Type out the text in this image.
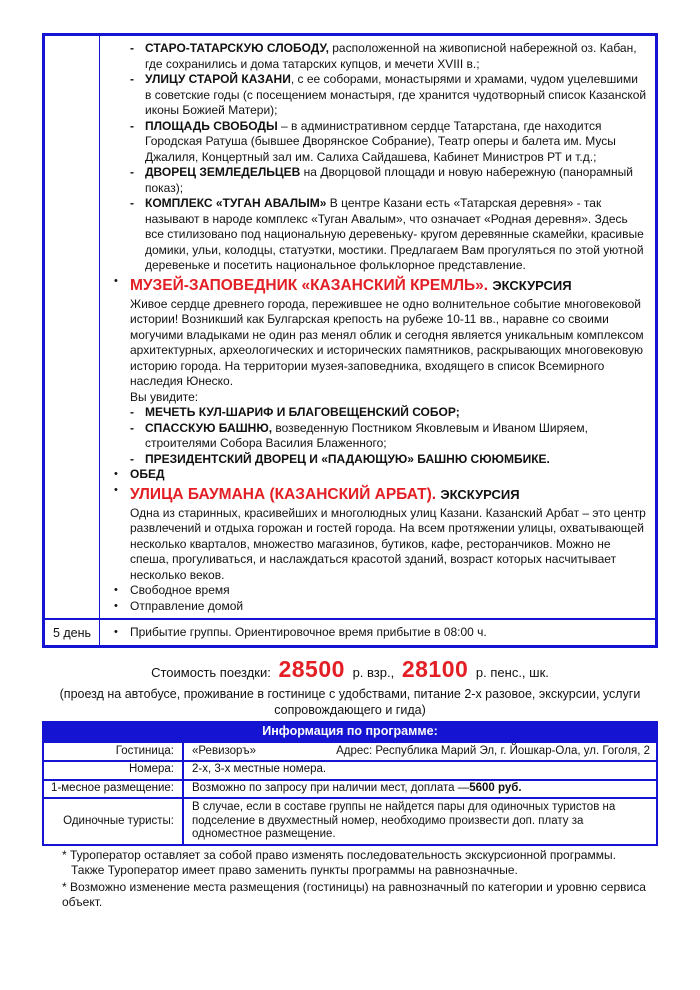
- СТАРО-ТАТАРСКУЮ СЛОБОДУ, расположенной на живописной набережной оз. Кабан, где сохранились и дома татарских купцов, и мечети XVIII в.;
- УЛИЦУ СТАРОЙ КАЗАНИ, с ее соборами, монастырями и храмами, чудом уцелевшими в советские годы (с посещением монастыря, где хранится чудотворный список Казанской иконы Божией Матери);
- ПЛОЩАДЬ СВОБОДЫ – в административном сердце Татарстана, где находится Городская Ратуша (бывшее Дворянское Собрание), Театр оперы и балета им. Мусы Джалиля, Концертный зал им. Салиха Сайдашева, Кабинет Министров РТ и т.д.;
- ДВОРЕЦ ЗЕМЛЕДЕЛЬЦЕВ на Дворцовой площади и новую набережную (панорамный показ);
- КОМПЛЕКС «ТУГАН АВАЛЫМ» В центре Казани есть «Татарская деревня» - так называют в народе комплекс «Туган Авалым», что означает «Родная деревня». Здесь все стилизовано под национальную деревеньку- кругом деревянные скамейки, красивые домики, ульи, колодцы, статуэтки, мостики. Предлагаем Вам прогуляться по этой уютной деревеньке и посетить национальное фольклорное представление.
• МУЗЕЙ-ЗАПОВЕДНИК «КАЗАНСКИЙ КРЕМЛЬ». ЭКСКУРСИЯ
Живое сердце древнего города, пережившее не одно волнительное событие многовековой истории! Возникший как Булгарская крепость на рубеже 10-11 вв., наравне со своими могучими владыками не один раз менял облик и сегодня является уникальным комплексом архитектурных, археологических и исторических памятников, раскрывающих многовековую историю города. На территории музея-заповедника, входящего в список Всемирного наследия Юнеско.
Вы увидите:
- МЕЧЕТЬ КУЛ-ШАРИФ И БЛАГОВЕЩЕНСКИЙ СОБОР;
- СПАССКУЮ БАШНЮ, возведенную Постником Яковлевым и Иваном Ширяем, строителями Собора Василия Блаженного;
- ПРЕЗИДЕНТСКИЙ ДВОРЕЦ И «ПАДАЮЩУЮ» БАШНЮ СЮЮМБИКЕ.
•	ОБЕД
• УЛИЦА БАУМАНА (КАЗАНСКИЙ АРБАТ). ЭКСКУРСИЯ
Одна из старинных, красивейших и многолюдных улиц Казани. Казанский Арбат – это центр развлечений и отдыха горожан и гостей города. На всем протяжении улицы, охватывающей несколько кварталов, множество магазинов, бутиков, кафе, ресторанчиков. Можно не спеша, прогуливаться, и наслаждаться красотой зданий, возраст которых насчитывает несколько веков.
•	Свободное время
•	Отправление домой
5 день	•	Прибытие группы. Ориентировочное время прибытие в 08:00 ч.
Стоимость поездки: 28500 р. взр., 28100 р. пенс., шк.
(проезд на автобусе, проживание в гостинице с удобствами, питание 2-х разовое, экскурсии, услуги сопровождающего и гида)
Информация по программе:
Гостиница:	«Ревизоръ»	Адрес: Республика Марий Эл, г. Йошкар-Ола, ул. Гоголя, 2
Номера:	2-х, 3-х местные номера.
1-месное размещение:	Возможно по запросу при наличии мест, доплата — 5600 руб.
Одиночные туристы:
В случае, если в составе группы не найдется пары для одиночных туристов на подселение в двухместный номер, необходимо произвести доп. плату за одноместное размещение.
* Туроператор оставляет за собой право изменять последовательность экскурсионной программы.
Также Туроператор имеет право заменить пункты программы на равнозначные.
* Возможно изменение места размещения (гостиницы) на равнозначный по категории и уровню сервиса объект.
